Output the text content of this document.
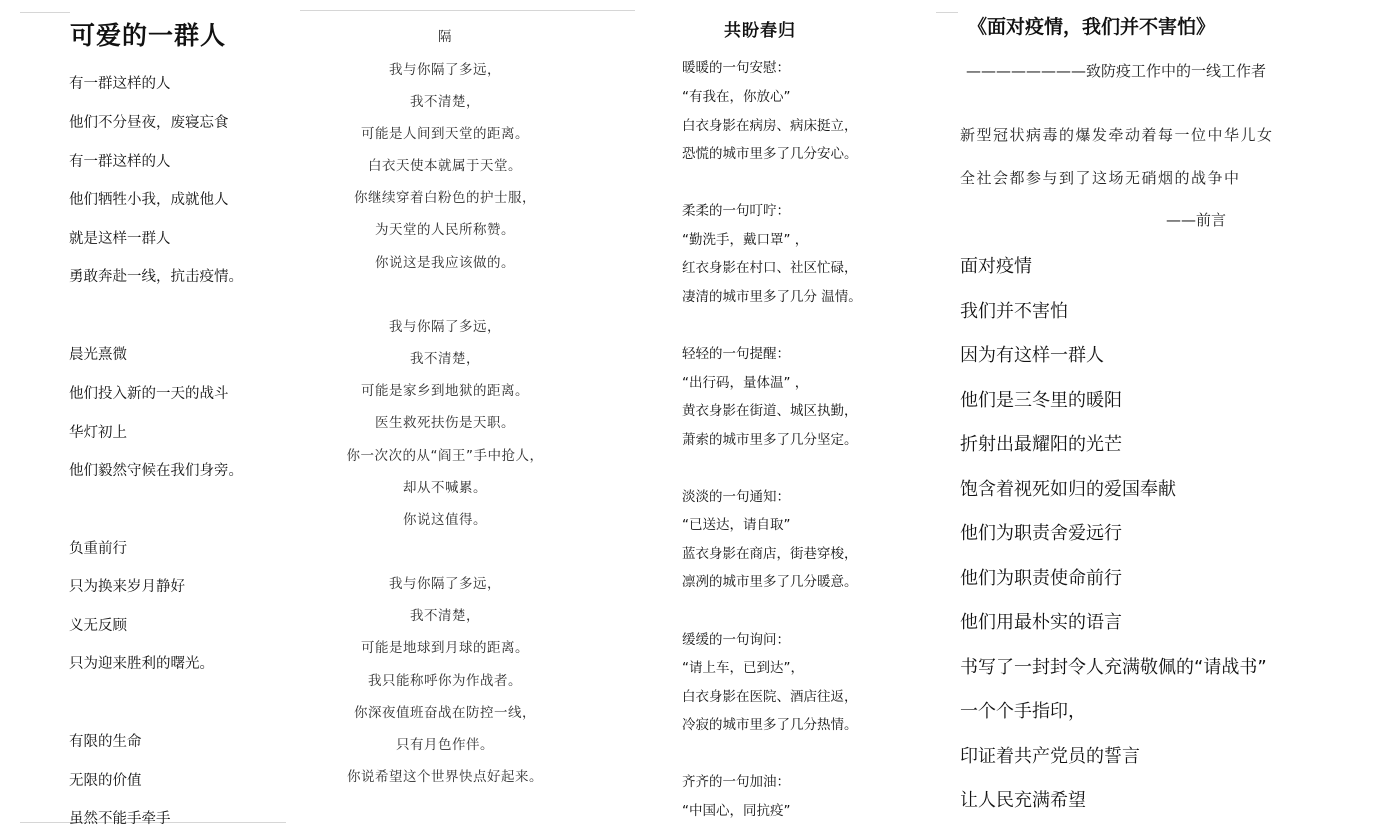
可爱的一群人
有一群这样的人
他们不分昼夜，废寝忘食
有一群这样的人
他们牺牲小我，成就他人
就是这样一群人
勇敢奔赴一线，抗击疫情。
晨光熹微
他们投入新的一天的战斗
华灯初上
他们毅然守候在我们身旁。
负重前行
只为换来岁月静好
义无反顾
只为迎来胜利的曙光。
有限的生命
无限的价值
虽然不能手牵手
隔
我与你隔了多远，
我不清楚，
可能是人间到天堂的距离。
白衣天使本就属于天堂。
你继续穿着白粉色的护士服，
为天堂的人民所称赞。
你说这是我应该做的。
我与你隔了多远，
我不清楚，
可能是家乡到地狱的距离。
医生救死扶伤是天职。
你一次次的从“阎王”手中抢人，
却从不喊累。
你说这值得。
我与你隔了多远，
我不清楚，
可能是地球到月球的距离。
我只能称呼你为作战者。
你深夜值班奋战在防控一线，
只有月色作伴。
你说希望这个世界快点好起来。
共盼春归
暖暖的一句安慰：
“有我在，你放心”
白衣身影在病房、病床挺立，
恐慌的城市里多了几分安心。
柔柔的一句叮咛：
“勤洗手，戴口罩” ，
红衣身影在村口、社区忙碌，
凄清的城市里多了几分 温情。
轻轻的一句提醒：
“出行码，量体温” ，
黄衣身影在街道、城区执勤，
萧索的城市里多了几分坚定。
淡淡的一句通知：
“已送达，请自取”
蓝衣身影在商店，街巷穿梭，
凛冽的城市里多了几分暖意。
缓缓的一句询问：
“请上车，已到达”，
白衣身影在医院、酒店往返，
冷寂的城市里多了几分热情。
齐齐的一句加油：
“中国心，同抗疫”
《面对疫情，我们并不害怕》
————————致防疫工作中的一线工作者
新型冠状病毒的爆发牵动着每一位中华儿女
全社会都参与到了这场无硝烟的战争中
——前言
面对疫情
我们并不害怕
因为有这样一群人
他们是三冬里的暖阳
折射出最耀阳的光芒
饱含着视死如归的爱国奉献
他们为职责舍爱远行
他们为职责使命前行
他们用最朴实的语言
书写了一封封令人充满敬佩的“请战书”
一个个手指印，
印证着共产党员的誓言
让人民充满希望
